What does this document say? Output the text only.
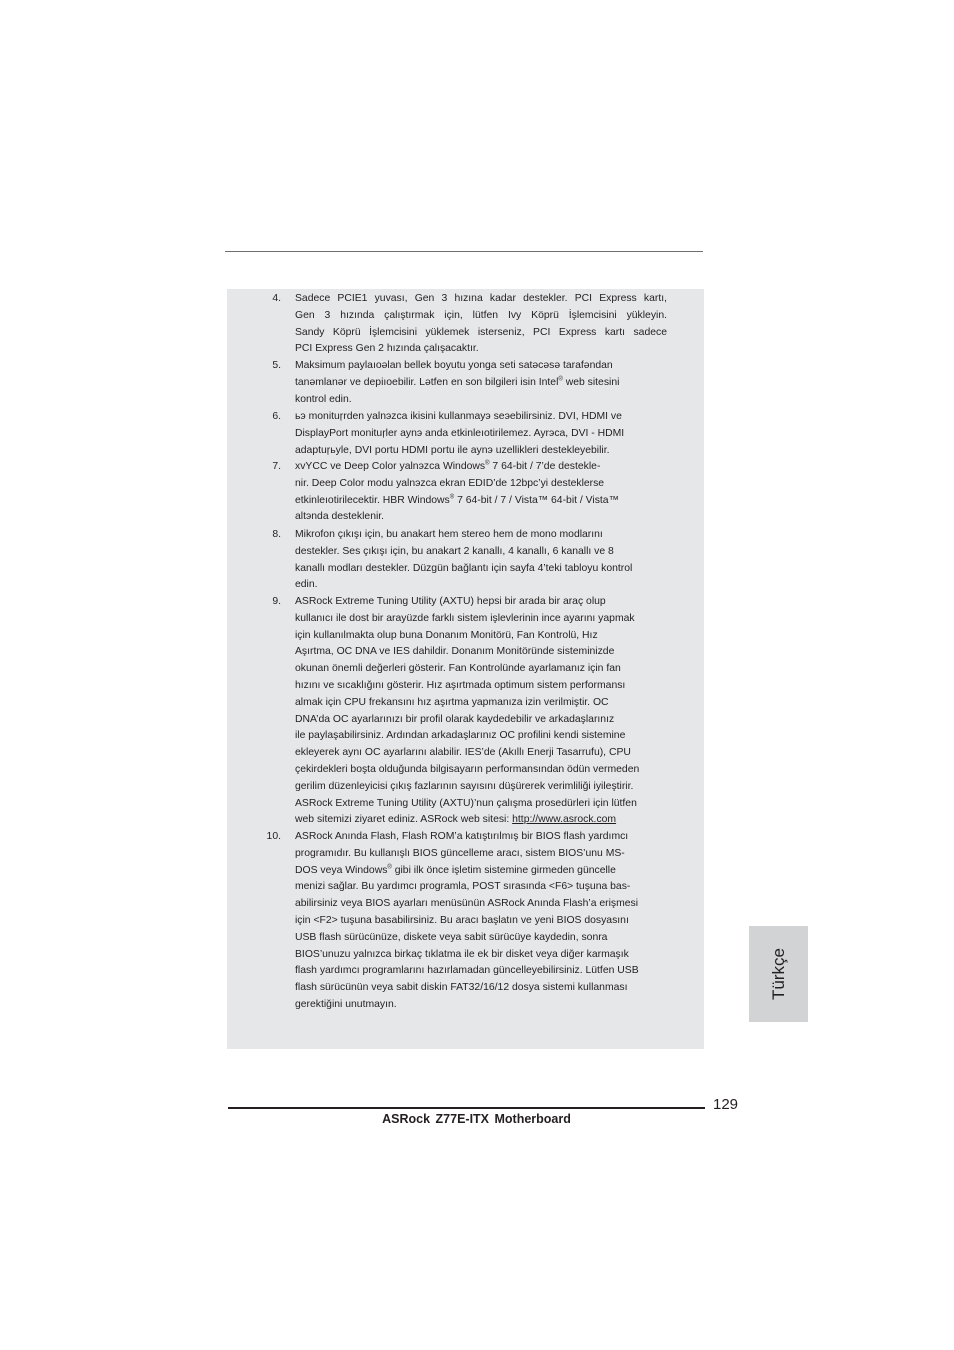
4. Sadece PCIE1 yuvası, Gen 3 hızına kadar destekler. PCI Express kartı,
Gen 3 hızında çalıştırmak için, lütfen Ivy Köprü İşlemcisini yükleyin.
Sandy Köprü İşlemcisini yüklemek isterseniz, PCI Express kartı sadece
PCI Express Gen 2 hızında çalışacaktır.
5. Maksimum paylaıoəlan bellek boyutu yonga seti satəcəsə tarafəndan
tanəmlanər ve depiıoebilir. Lətfen en son bilgileri isin Intel® web sitesini
kontrol edin.
6. ьэ monituŗrden yalnэzca ikisini kullanmayэ seэebilirsiniz. DVI, HDMI ve
DisplayPort monituŗler aynэ anda etkinleıotirilemez. Ayrэca, DVI - HDMI
adaptuŗьyle, DVI portu HDMI portu ile aynэ uzellikleri destekleyebilir.
7. xvYCC ve Deep Color yalnэzca Windows® 7 64-bit / 7’de destekle-
nir. Deep Color modu yalnэzca ekran EDID’de 12bpc’yi desteklerse
etkinleıotirilecektir. HBR Windows® 7 64-bit / 7 / Vista™ 64-bit / Vista™
altэnda desteklenir.
8. Mikrofon çıkışı için, bu anakart hem stereo hem de mono modlarını
destekler. Ses çıkışı için, bu anakart 2 kanallı, 4 kanallı, 6 kanallı ve 8
kanallı modları destekler. Düzgün bağlantı için sayfa 4’teki tabloyu kontrol
edin.
9. ASRock Extreme Tuning Utility (AXTU) hepsi bir arada bir araç olup
kullanıcı ile dost bir arayüzde farklı sistem işlevlerinin ince ayarını yapmak
için kullanılmakta olup buna Donanım Monitörü, Fan Kontrolü, Hız
Aşırtma, OC DNA ve IES dahildir. Donanım Monitöründe sisteminizde
okunan önemli değerleri gösterir. Fan Kontrolünde ayarlamanız için fan
hızını ve sıcaklığını gösterir. Hız aşırtmada optimum sistem performansı
almak için CPU frekansını hız aşırtma yapmanıza izin verilmiştir. OC
DNA’da OC ayarlarınızı bir profil olarak kaydedebilir ve arkadaşlarınız
ile paylaşabilirsiniz. Ardından arkadaşlarınız OC profilini kendi sistemine
ekleyerek aynı OC ayarlarını alabilir. IES’de (Akıllı Enerji Tasarrufu), CPU
çekirdekleri boşta olduğunda bilgisayarın performansından ödün vermeden
gerilim düzenleyicisi çıkış fazlarının sayısını düşürerek verimliliği iyileştirir.
ASRock Extreme Tuning Utility (AXTU)’nun çalışma prosedürleri için lütfen
web sitemizi ziyaret ediniz. ASRock web sitesi: http://www.asrock.com
10. ASRock Anında Flash, Flash ROM’a katıştırılmış bir BIOS flash yardımcı
programıdır. Bu kullanışlı BIOS güncelleme aracı, sistem BIOS’unu MS-
DOS veya Windows® gibi ilk önce işletim sistemine girmeden güncelle
menizi sağlar. Bu yardımcı programla, POST sırasında <F6> tuşuna bas-
abilirsiniz veya BIOS ayarları menüsünün ASRock Anında Flash’a erişmesi
için <F2> tuşuna basabilirsiniz. Bu aracı başlatın ve yeni BIOS dosyasını
USB flash sürücünüze, diskete veya sabit sürücüye kaydedin, sonra
BIOS’unuzu yalnızca birkaç tıklatma ile ek bir disket veya diğer karmaşık
flash yardımcı programlarını hazırlamadan güncelleyebilirsiniz. Lütfen USB
flash sürücünün veya sabit diskin FAT32/16/12 dosya sistemi kullanması
gerektiğini unutmayın.
Türkçe
129
ASRock Z77E-ITX Motherboard
